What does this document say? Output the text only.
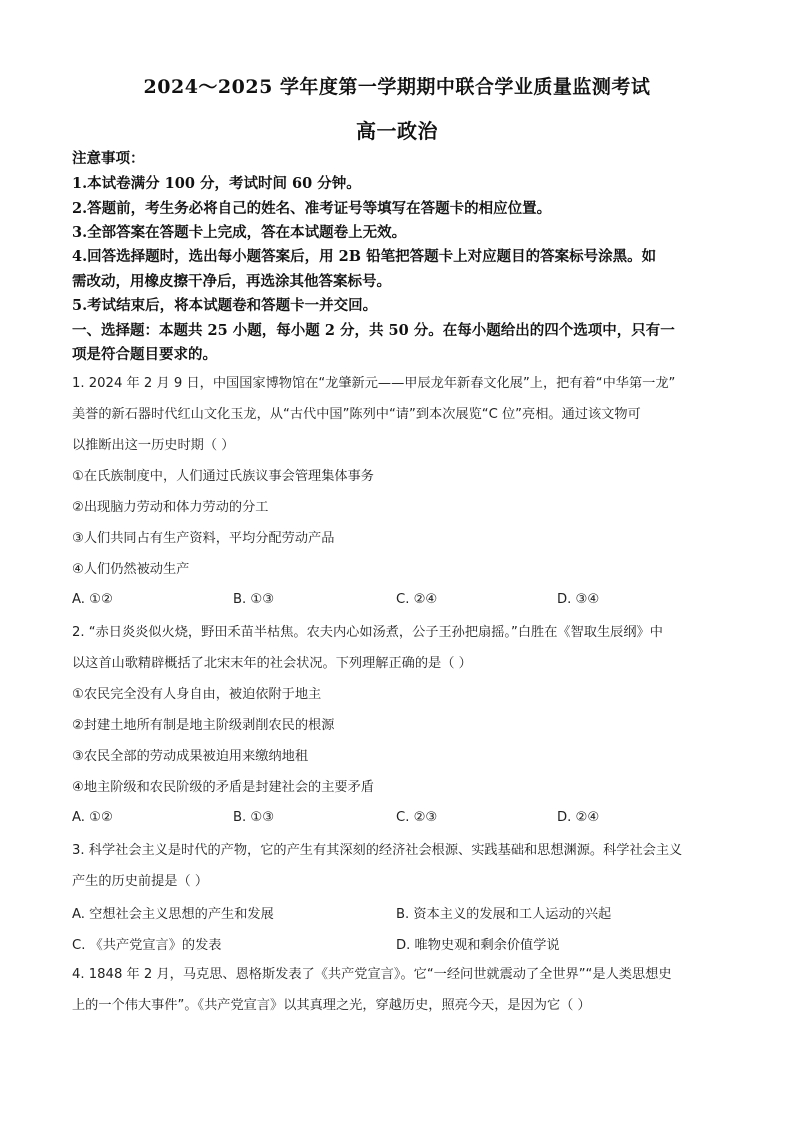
2024～2025 学年度第一学期期中联合学业质量监测考试
高一政治
注意事项：
1.本试卷满分 100 分，考试时间 60 分钟。
2.答题前，考生务必将自己的姓名、准考证号等填写在答题卡的相应位置。
3.全部答案在答题卡上完成，答在本试题卷上无效。
4.回答选择题时，选出每小题答案后，用 2B 铅笔把答题卡上对应题目的答案标号涂黑。如
需改动，用橡皮擦干净后，再选涂其他答案标号。
5.考试结束后，将本试题卷和答题卡一并交回。
一、选择题：本题共 25 小题，每小题 2 分，共 50 分。在每小题给出的四个选项中，只有一
项是符合题目要求的。
1. 2024 年 2 月 9 日，中国国家博物馆在“龙肇新元——甲辰龙年新春文化展”上，把有着“中华第一龙”
美誉的新石器时代红山文化玉龙，从“古代中国”陈列中“请”到本次展览“C 位”亮相。通过该文物可
以推断出这一历史时期（ ）
①在氏族制度中，人们通过氏族议事会管理集体事务
②出现脑力劳动和体力劳动的分工
③人们共同占有生产资料，平均分配劳动产品
④人们仍然被动生产
A. ①②	B. ①③	C. ②④	D. ③④
2. “赤日炎炎似火烧，野田禾苗半枯焦。农夫内心如汤煮，公子王孙把扇摇。”白胜在《智取生辰纲》中
以这首山歌精辟概括了北宋末年的社会状况。下列理解正确的是（ ）
①农民完全没有人身自由，被迫依附于地主
②封建土地所有制是地主阶级剥削农民的根源
③农民全部的劳动成果被迫用来缴纳地租
④地主阶级和农民阶级的矛盾是封建社会的主要矛盾
A. ①②	B. ①③	C. ②③	D. ②④
3. 科学社会主义是时代的产物，它的产生有其深刻的经济社会根源、实践基础和思想渊源。科学社会主义
产生的历史前提是（ ）
A. 空想社会主义思想的产生和发展	B. 资本主义的发展和工人运动的兴起
C. 《共产党宣言》的发表	D. 唯物史观和剩余价值学说
4. 1848 年 2 月，马克思、恩格斯发表了《共产党宣言》。它“一经问世就震动了全世界”“是人类思想史
上的一个伟大事件”。《共产党宣言》以其真理之光，穿越历史，照亮今天，是因为它（ ）
